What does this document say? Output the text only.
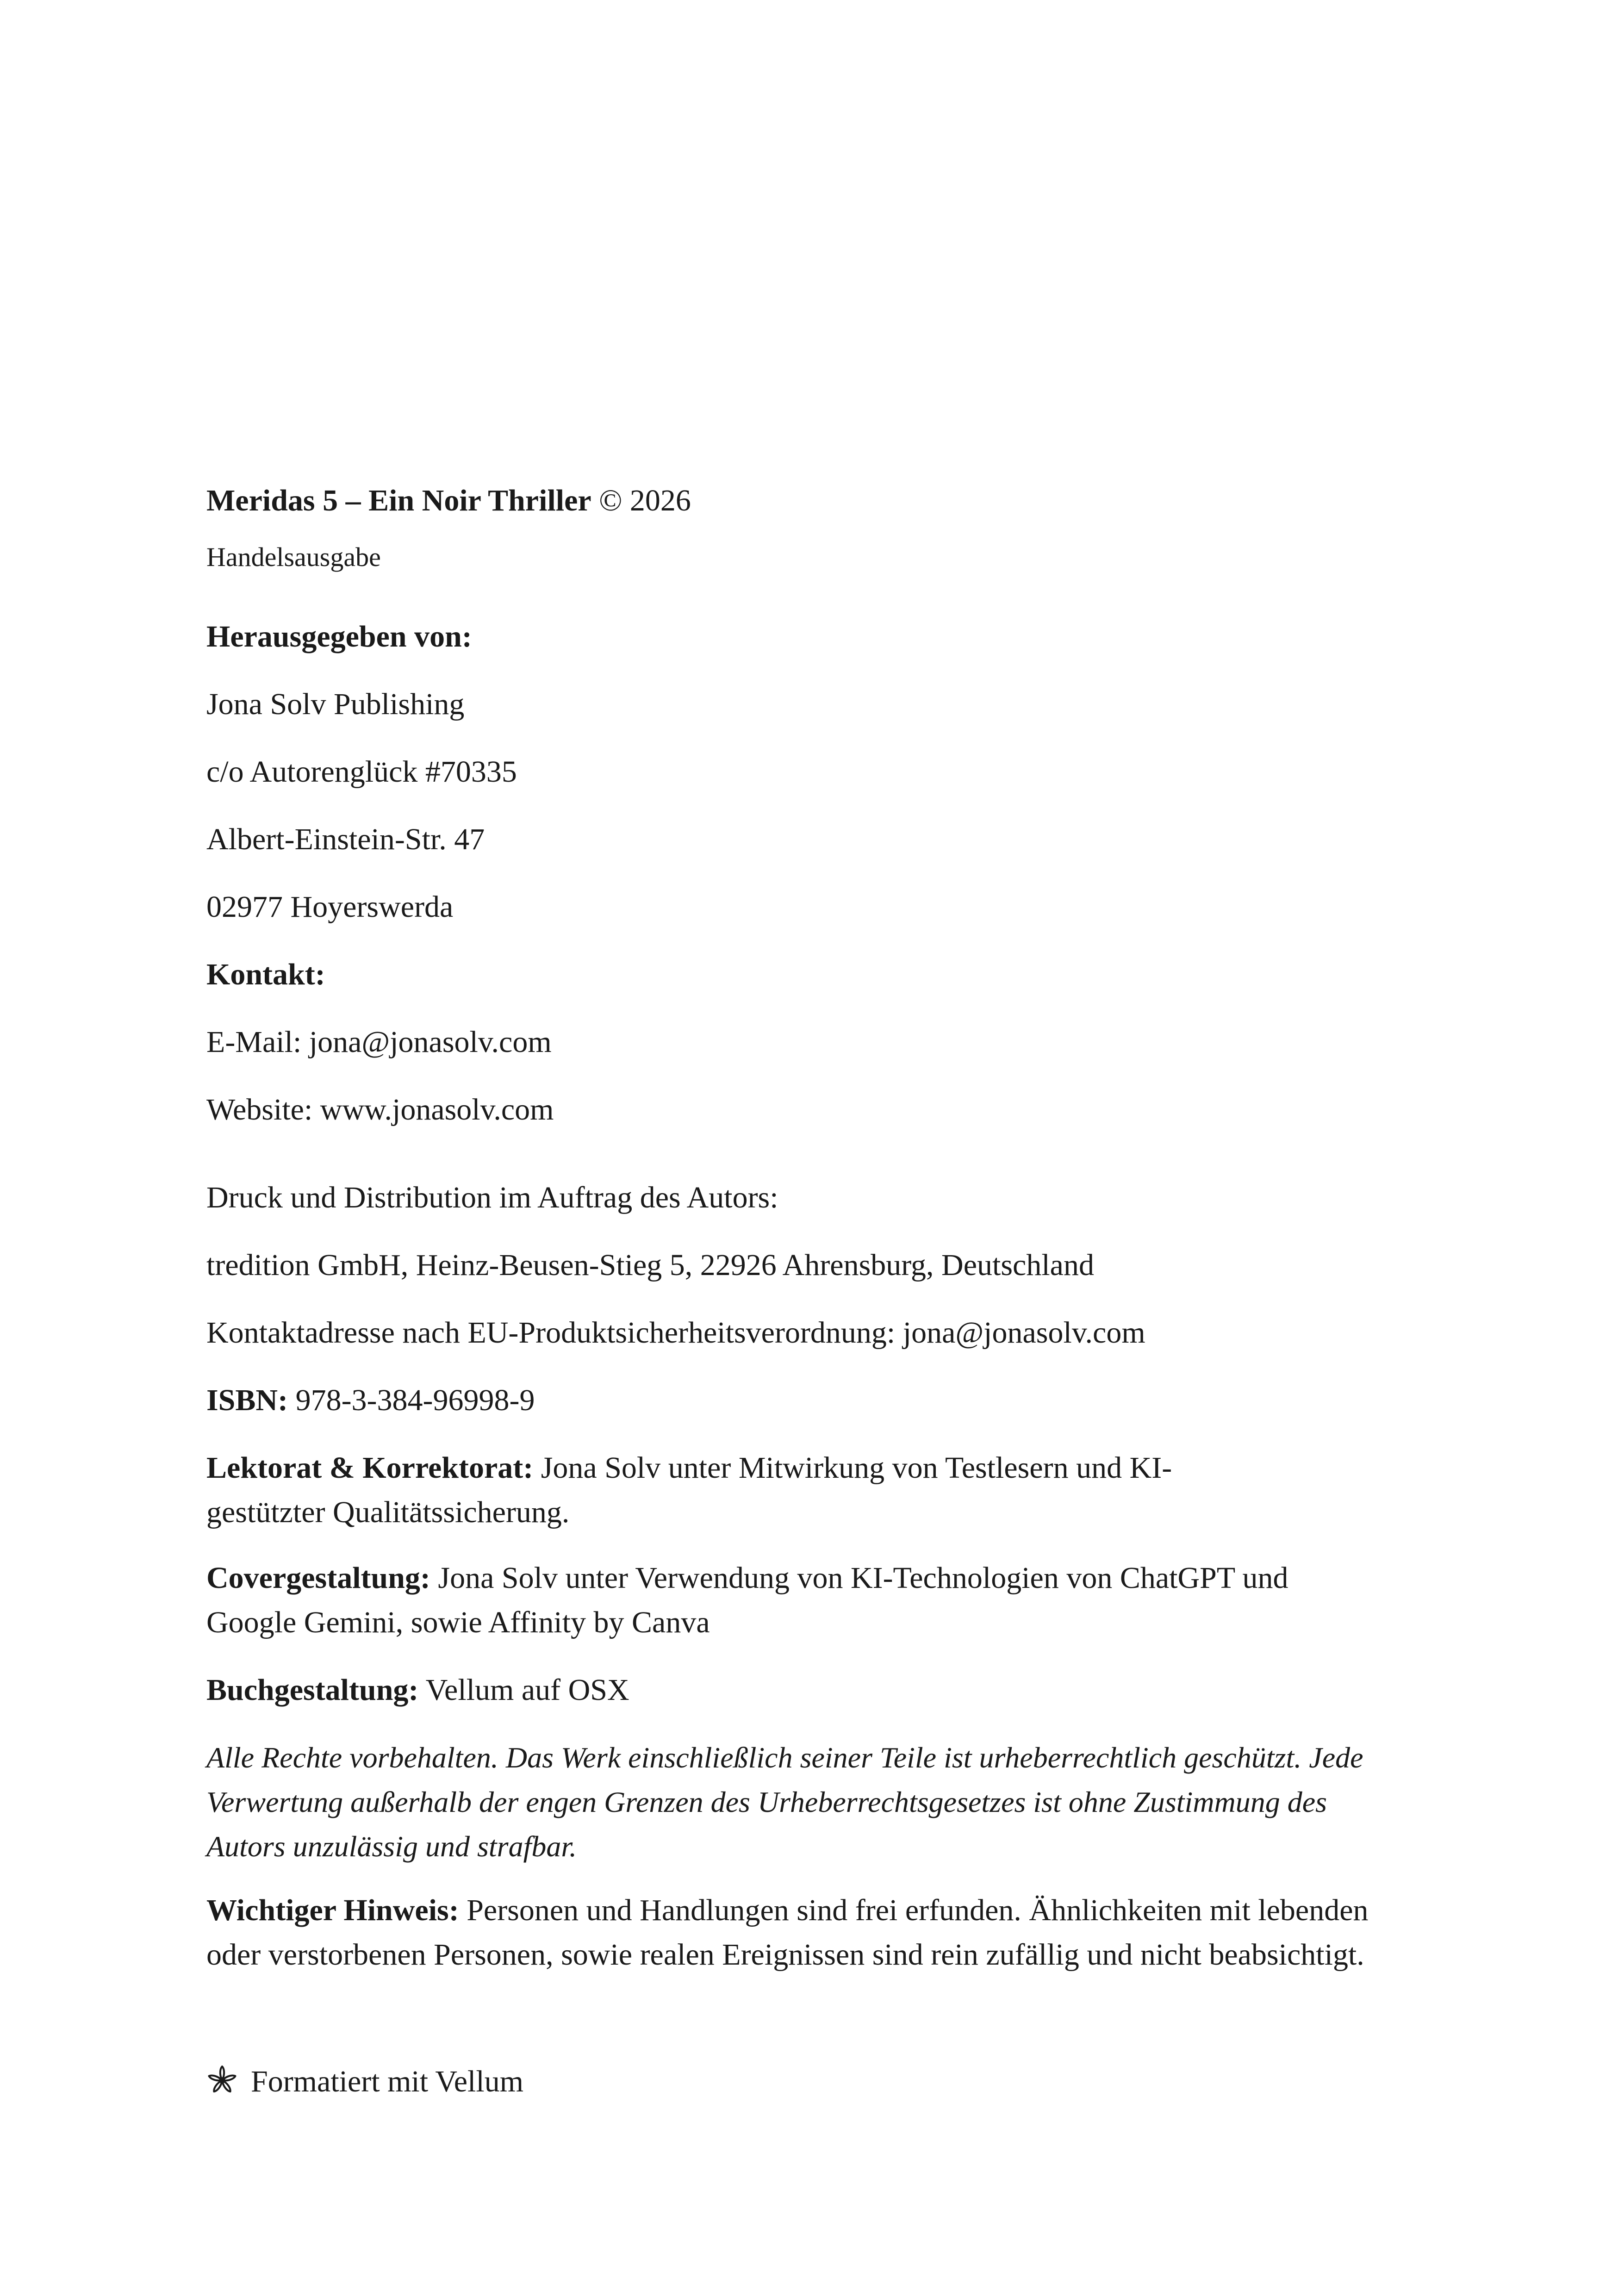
Meridas 5 – Ein Noir Thriller © 2026
Handelsausgabe
Herausgegeben von:
Jona Solv Publishing
c/o Autorenglück #70335
Albert-Einstein-Str. 47
02977 Hoyerswerda
Kontakt:
E-Mail: jona@jonasolv.com
Website: www.jonasolv.com
Druck und Distribution im Auftrag des Autors:
tredition GmbH, Heinz-Beusen-Stieg 5, 22926 Ahrensburg, Deutschland
Kontaktadresse nach EU-Produktsicherheitsverordnung: jona@jonasolv.com
ISBN: 978-3-384-96998-9
Lektorat & Korrektorat: Jona Solv unter Mitwirkung von Testlesern und KI-gestützter Qualitätssicherung.
Covergestaltung: Jona Solv unter Verwendung von KI-Technologien von ChatGPT und Google Gemini, sowie Affinity by Canva
Buchgestaltung: Vellum auf OSX
Alle Rechte vorbehalten. Das Werk einschließlich seiner Teile ist urheberrechtlich geschützt. Jede Verwertung außerhalb der engen Grenzen des Urheberrechtsgesetzes ist ohne Zustimmung des Autors unzulässig und strafbar.
Wichtiger Hinweis: Personen und Handlungen sind frei erfunden. Ähnlichkeiten mit lebenden oder verstorbenen Personen, sowie realen Ereignissen sind rein zufällig und nicht beabsichtigt.
Formatiert mit Vellum
